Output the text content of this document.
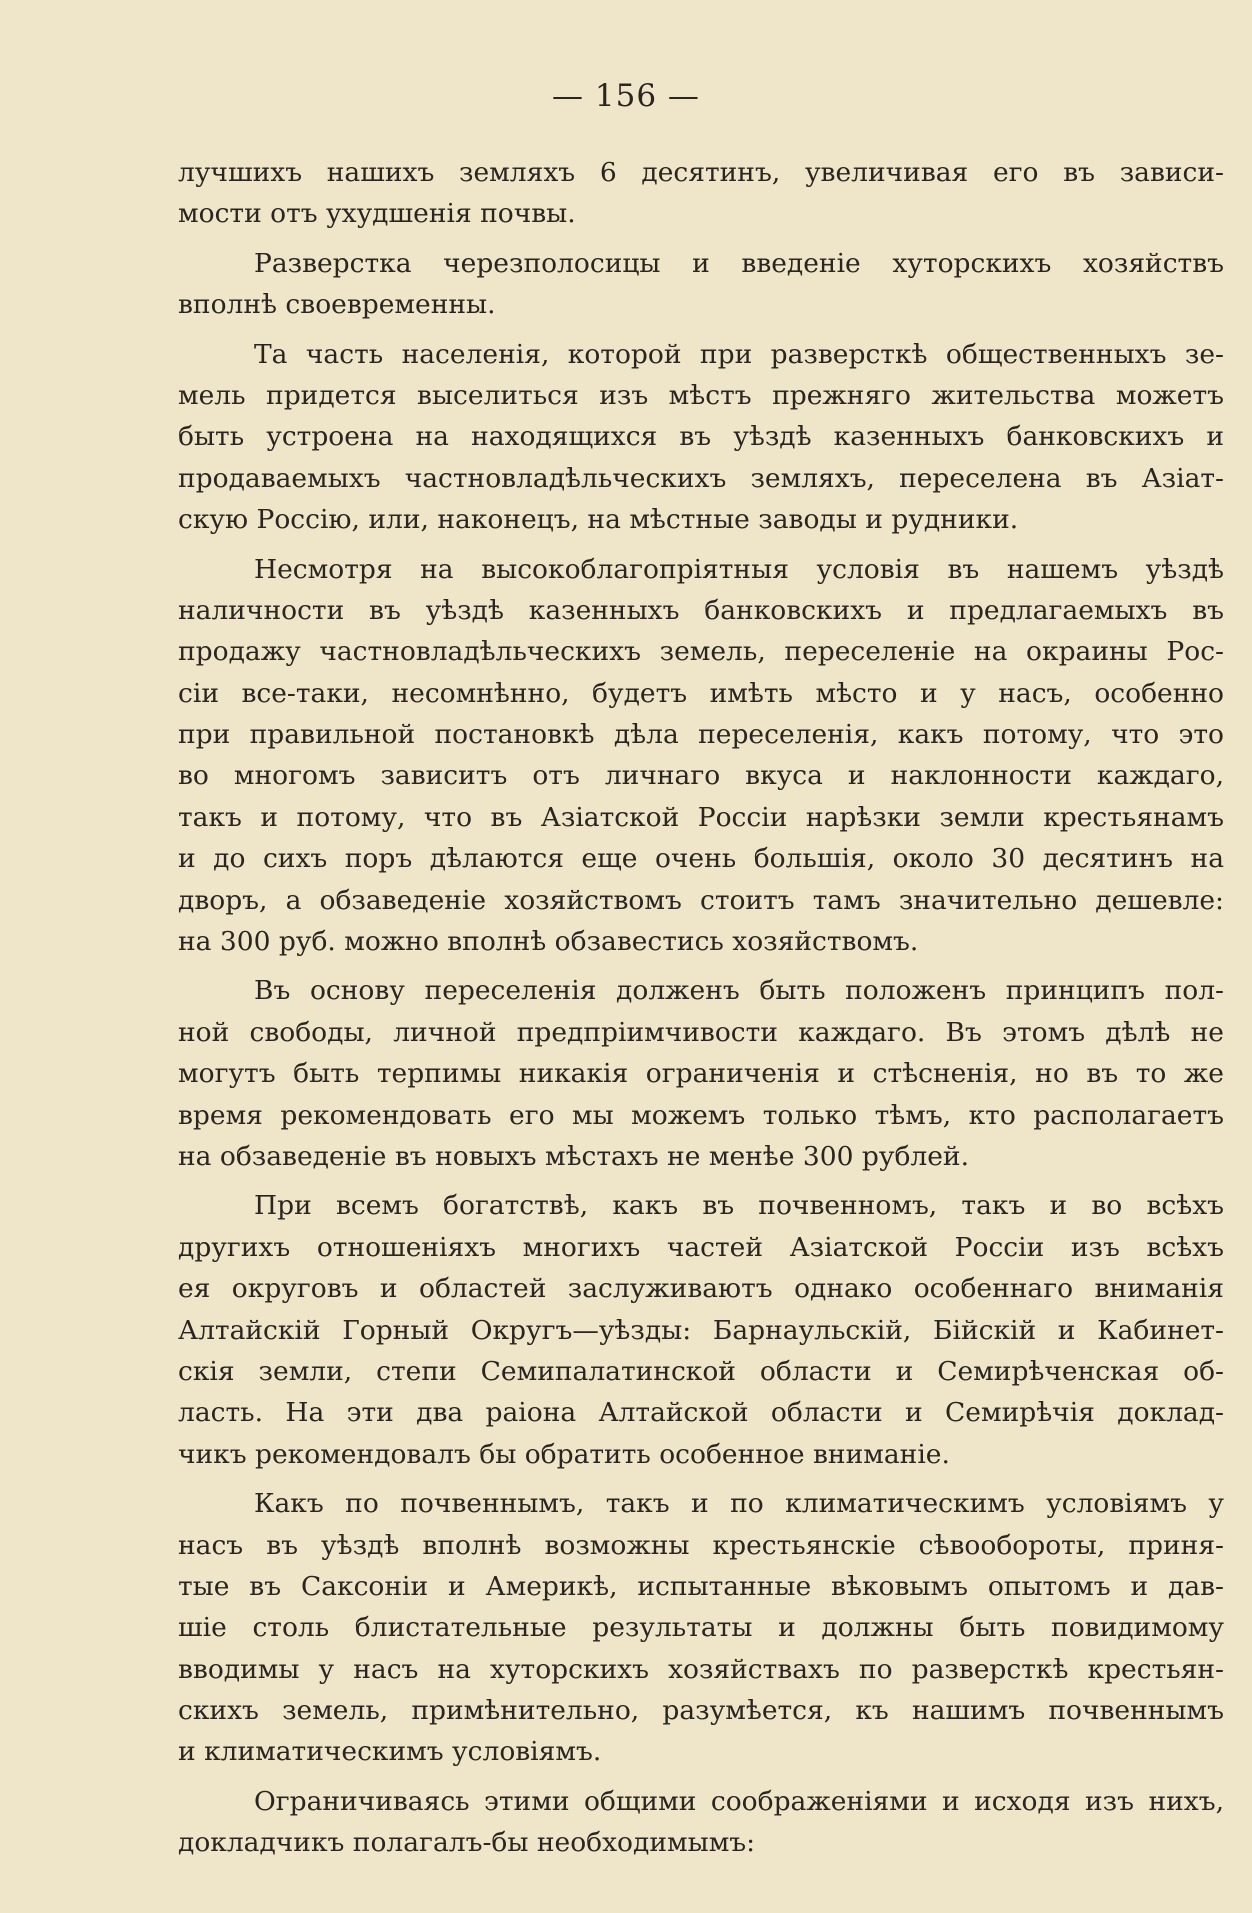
— 156 —

лучшихъ нашихъ земляхъ 6 десятинъ, увеличивая его въ зависи-
мости отъ ухудшенія почвы.

Разверстка черезполосицы и введеніе хуторскихъ хозяйствъ
вполнѣ своевременны.

Та часть населенія, которой при разверсткѣ общественныхъ зе-
мель придется выселиться изъ мѣстъ прежняго жительства можетъ
быть устроена на находящихся въ уѣздѣ казенныхъ банковскихъ и
продаваемыхъ частновладѣльческихъ земляхъ, переселена въ Азіат-
скую Россію, или, наконецъ, на мѣстные заводы и рудники.

Несмотря на высокоблагопріятныя условія въ нашемъ уѣздѣ
наличности въ уѣздѣ казенныхъ банковскихъ и предлагаемыхъ въ
продажу частновладѣльческихъ земель, переселеніе на окраины Рос-
сіи все-таки, несомнѣнно, будетъ имѣть мѣсто и у насъ, особенно
при правильной постановкѣ дѣла переселенія, какъ потому, что это
во многомъ зависитъ отъ личнаго вкуса и наклонности каждаго,
такъ и потому, что въ Азіатской Россіи нарѣзки земли крестьянамъ
и до сихъ поръ дѣлаются еще очень большія, около 30 десятинъ на
дворъ, а обзаведеніе хозяйствомъ стоитъ тамъ значительно дешевле:
на 300 руб. можно вполнѣ обзавестись хозяйствомъ.

Въ основу переселенія долженъ быть положенъ принципъ пол-
ной свободы, личной предпріимчивости каждаго. Въ этомъ дѣлѣ не
могутъ быть терпимы никакія ограниченія и стѣсненія, но въ то же
время рекомендовать его мы можемъ только тѣмъ, кто располагаетъ
на обзаведеніе въ новыхъ мѣстахъ не менѣе 300 рублей.

При всемъ богатствѣ, какъ въ почвенномъ, такъ и во всѣхъ
другихъ отношеніяхъ многихъ частей Азіатской Россіи изъ всѣхъ
ея округовъ и областей заслуживаютъ однако особеннаго вниманія
Алтайскій Горный Округъ—уѣзды: Барнаульскій, Бійскій и Кабинет-
скія земли, степи Семипалатинской области и Семирѣченская об-
ласть. На эти два раіона Алтайской области и Семирѣчія доклад-
чикъ рекомендовалъ бы обратить особенное вниманіе.

Какъ по почвеннымъ, такъ и по климатическимъ условіямъ у
насъ въ уѣздѣ вполнѣ возможны крестьянскіе сѣвообороты, приня-
тые въ Саксоніи и Америкѣ, испытанные вѣковымъ опытомъ и дав-
шіе столь блистательные результаты и должны быть повидимому
вводимы у насъ на хуторскихъ хозяйствахъ по разверсткѣ крестьян-
скихъ земель, примѣнительно, разумѣется, къ нашимъ почвеннымъ
и климатическимъ условіямъ.

Ограничиваясь этими общими соображеніями и исходя изъ нихъ,
докладчикъ полагалъ-бы необходимымъ:
